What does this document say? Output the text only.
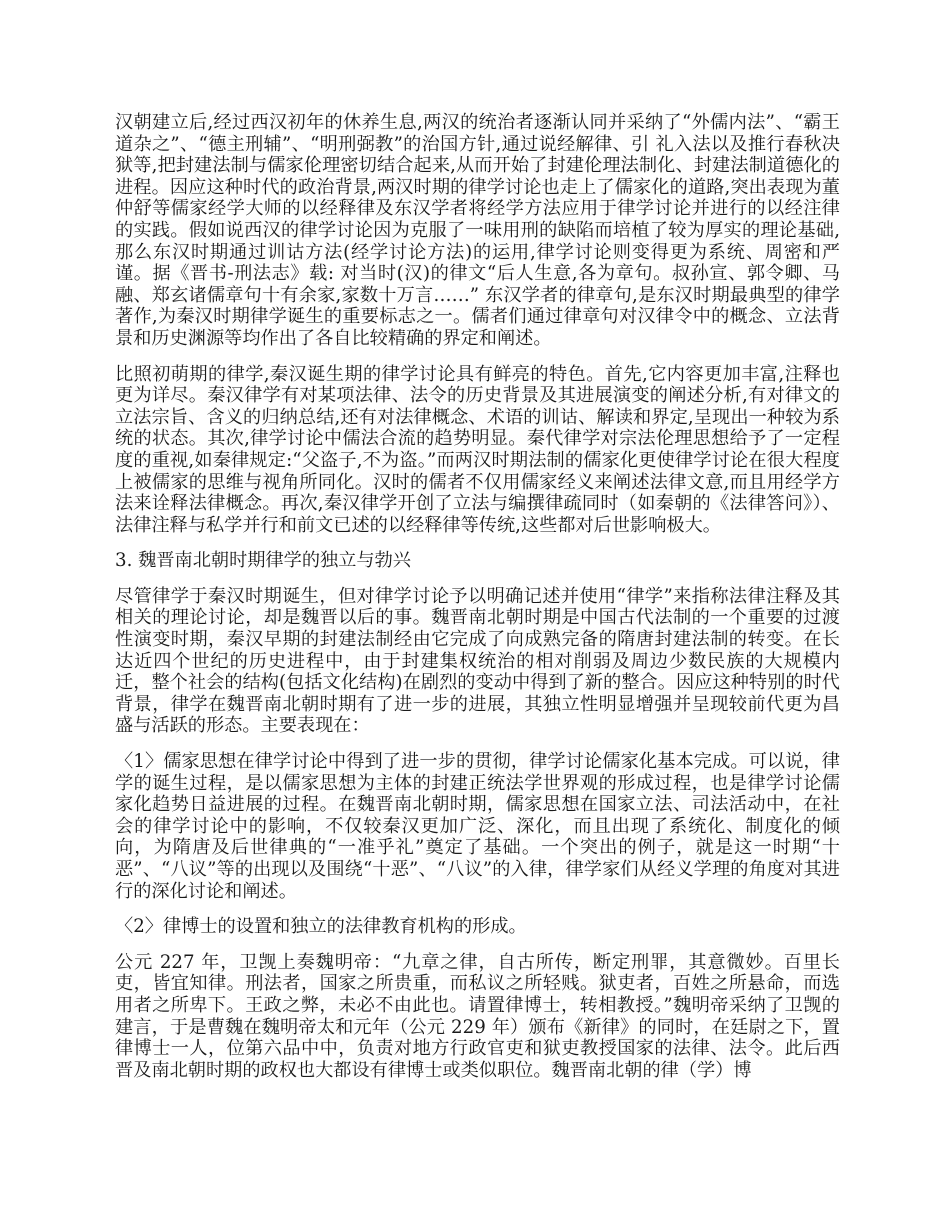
汉朝建立后,经过西汉初年的休养生息,两汉的统治者逐渐认同并采纳了“外儒内法”、“霸王道杂之”、“德主刑辅”、“明刑弼教”的治国方针,通过说经解律、引 礼入法以及推行春秋决狱等,把封建法制与儒家伦理密切结合起来,从而开始了封建伦理法制化、封建法制道德化的进程。因应这种时代的政治背景,两汉时期的律学讨论也走上了儒家化的道路,突出表现为董仲舒等儒家经学大师的以经释律及东汉学者将经学方法应用于律学讨论并进行的以经注律的实践。假如说西汉的律学讨论因为克服了一味用刑的缺陷而培植了较为厚实的理论基础,那么东汉时期通过训诂方法(经学讨论方法)的运用,律学讨论则变得更为系统、周密和严谨。据《晋书-刑法志》载: 对当时(汉)的律文“后人生意,各为章句。叔孙宣、郭令卿、马融、郑玄诸儒章句十有余家,家数十万言……” 东汉学者的律章句,是东汉时期最典型的律学著作,为秦汉时期律学诞生的重要标志之一。儒者们通过律章句对汉律令中的概念、立法背景和历史渊源等均作出了各自比较精确的界定和阐述。

比照初萌期的律学,秦汉诞生期的律学讨论具有鲜亮的特色。首先,它内容更加丰富,注释也更为详尽。秦汉律学有对某项法律、法令的历史背景及其进展演变的阐述分析,有对律文的立法宗旨、含义的归纳总结,还有对法律概念、术语的训诂、解读和界定,呈现出一种较为系统的状态。其次,律学讨论中儒法合流的趋势明显。秦代律学对宗法伦理思想给予了一定程度的重视,如秦律规定:“父盗子,不为盗。”而两汉时期法制的儒家化更使律学讨论在很大程度上被儒家的思维与视角所同化。汉时的儒者不仅用儒家经义来阐述法律文意,而且用经学方法来诠释法律概念。再次,秦汉律学开创了立法与编撰律疏同时（如秦朝的《法律答问》）、法律注释与私学并行和前文已述的以经释律等传统,这些都对后世影响极大。

3. 魏晋南北朝时期律学的独立与勃兴

尽管律学于秦汉时期诞生，但对律学讨论予以明确记述并使用“律学”来指称法律注释及其相关的理论讨论，却是魏晋以后的事。魏晋南北朝时期是中国古代法制的一个重要的过渡性演变时期，秦汉早期的封建法制经由它完成了向成熟完备的隋唐封建法制的转变。在长达近四个世纪的历史进程中，由于封建集权统治的相对削弱及周边少数民族的大规模内迁，整个社会的结构(包括文化结构)在剧烈的变动中得到了新的整合。因应这种特别的时代背景，律学在魏晋南北朝时期有了进一步的进展，其独立性明显增强并呈现较前代更为昌盛与活跃的形态。主要表现在：

〈1〉儒家思想在律学讨论中得到了进一步的贯彻，律学讨论儒家化基本完成。可以说，律学的诞生过程，是以儒家思想为主体的封建正统法学世界观的形成过程，也是律学讨论儒家化趋势日益进展的过程。在魏晋南北朝时期，儒家思想在国家立法、司法活动中，在社会的律学讨论中的影响，不仅较秦汉更加广泛、深化，而且出现了系统化、制度化的倾向，为隋唐及后世律典的“一准乎礼”奠定了基础。一个突出的例子，就是这一时期“十恶”、“八议”等的出现以及围绕“十恶”、“八议”的入律，律学家们从经义学理的角度对其进行的深化讨论和阐述。

〈2〉律博士的设置和独立的法律教育机构的形成。

公元 227 年，卫觊上奏魏明帝：“九章之律，自古所传，断定刑罪，其意微妙。百里长吏，皆宜知律。刑法者，国家之所贵重，而私议之所轻贱。狱吏者，百姓之所悬命，而选用者之所卑下。王政之弊，未必不由此也。请置律博士，转相教授。”魏明帝采纳了卫觊的建言，于是曹魏在魏明帝太和元年（公元 229 年）颁布《新律》的同时，在廷尉之下，置律博士一人，位第六品中中，负责对地方行政官吏和狱吏教授国家的法律、法令。此后西晋及南北朝时期的政权也大都设有律博士或类似职位。魏晋南北朝的律（学）博
